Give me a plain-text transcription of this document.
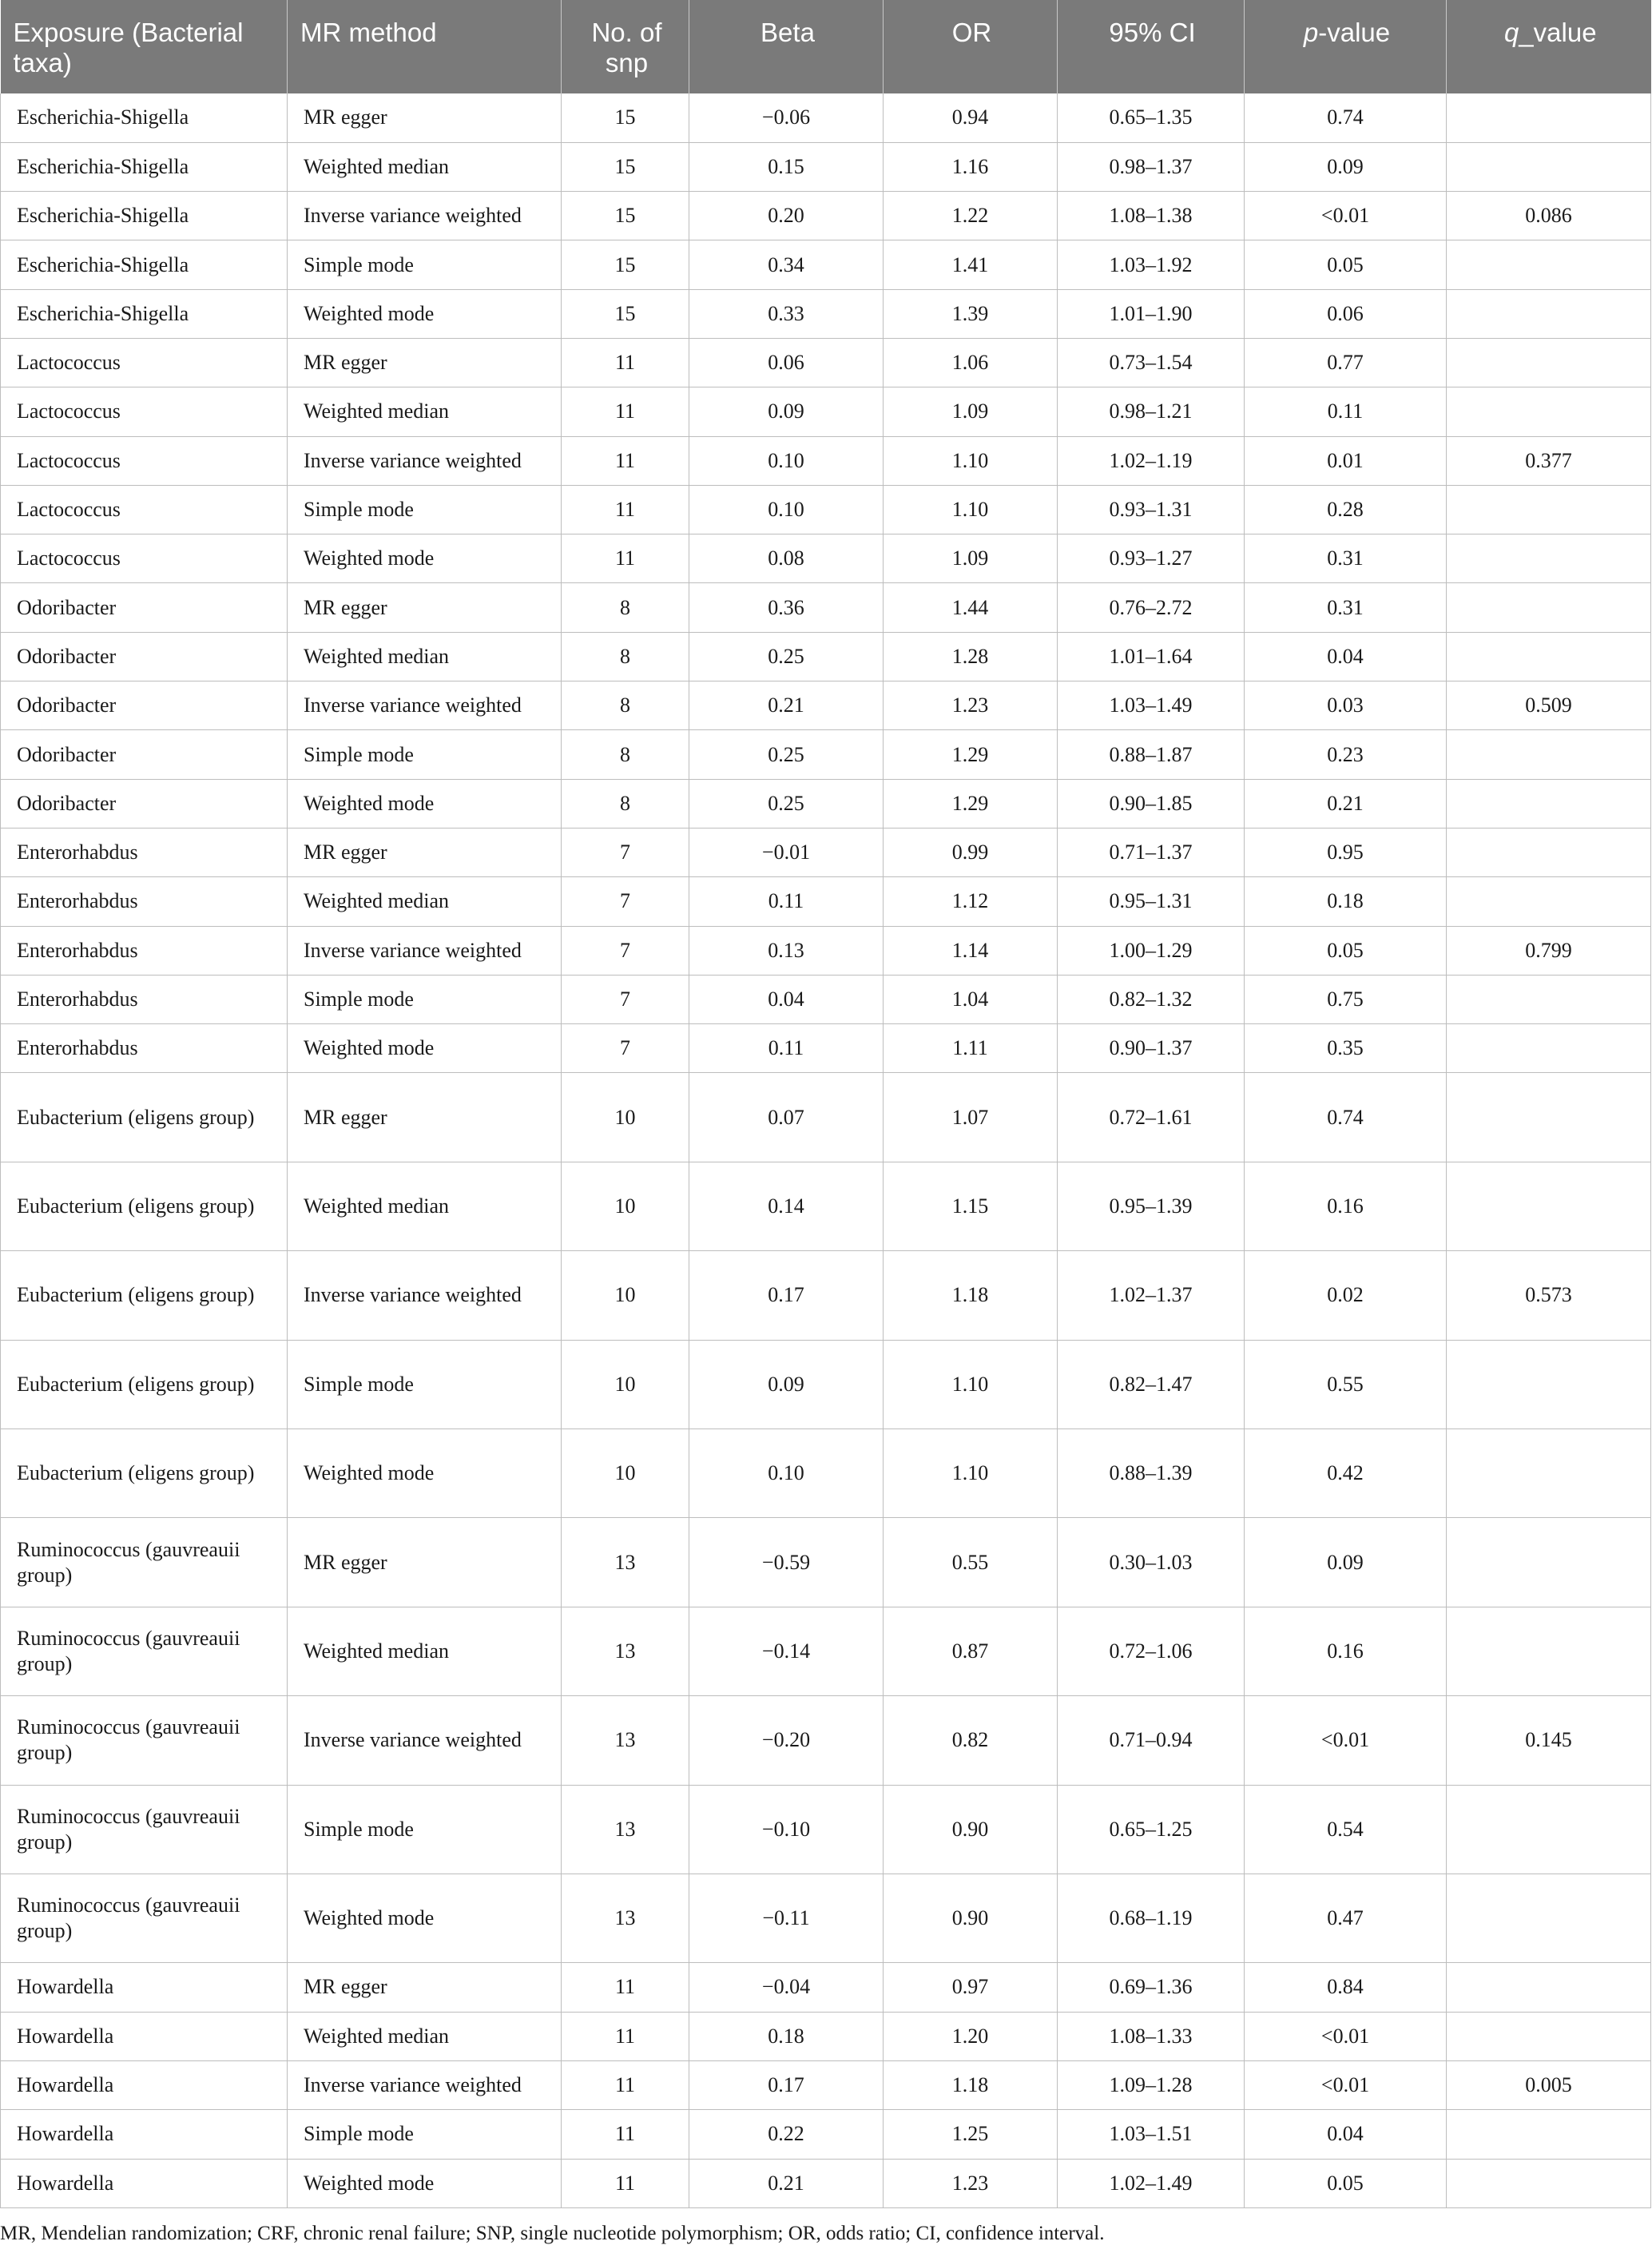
Exposure (Bacterial taxa)	MR method	No. of snp	Beta	OR	95% CI	p-value	q_value
Escherichia-Shigella	MR egger	15	−0.06	0.94	0.65–1.35	0.74	
Escherichia-Shigella	Weighted median	15	0.15	1.16	0.98–1.37	0.09	
Escherichia-Shigella	Inverse variance weighted	15	0.20	1.22	1.08–1.38	<0.01	0.086
Escherichia-Shigella	Simple mode	15	0.34	1.41	1.03–1.92	0.05	
Escherichia-Shigella	Weighted mode	15	0.33	1.39	1.01–1.90	0.06	
Lactococcus	MR egger	11	0.06	1.06	0.73–1.54	0.77	
Lactococcus	Weighted median	11	0.09	1.09	0.98–1.21	0.11	
Lactococcus	Inverse variance weighted	11	0.10	1.10	1.02–1.19	0.01	0.377
Lactococcus	Simple mode	11	0.10	1.10	0.93–1.31	0.28	
Lactococcus	Weighted mode	11	0.08	1.09	0.93–1.27	0.31	
Odoribacter	MR egger	8	0.36	1.44	0.76–2.72	0.31	
Odoribacter	Weighted median	8	0.25	1.28	1.01–1.64	0.04	
Odoribacter	Inverse variance weighted	8	0.21	1.23	1.03–1.49	0.03	0.509
Odoribacter	Simple mode	8	0.25	1.29	0.88–1.87	0.23	
Odoribacter	Weighted mode	8	0.25	1.29	0.90–1.85	0.21	
Enterorhabdus	MR egger	7	−0.01	0.99	0.71–1.37	0.95	
Enterorhabdus	Weighted median	7	0.11	1.12	0.95–1.31	0.18	
Enterorhabdus	Inverse variance weighted	7	0.13	1.14	1.00–1.29	0.05	0.799
Enterorhabdus	Simple mode	7	0.04	1.04	0.82–1.32	0.75	
Enterorhabdus	Weighted mode	7	0.11	1.11	0.90–1.37	0.35	
Eubacterium (eligens group)	MR egger	10	0.07	1.07	0.72–1.61	0.74	
Eubacterium (eligens group)	Weighted median	10	0.14	1.15	0.95–1.39	0.16	
Eubacterium (eligens group)	Inverse variance weighted	10	0.17	1.18	1.02–1.37	0.02	0.573
Eubacterium (eligens group)	Simple mode	10	0.09	1.10	0.82–1.47	0.55	
Eubacterium (eligens group)	Weighted mode	10	0.10	1.10	0.88–1.39	0.42	
Ruminococcus (gauvreauii group)	MR egger	13	−0.59	0.55	0.30–1.03	0.09	
Ruminococcus (gauvreauii group)	Weighted median	13	−0.14	0.87	0.72–1.06	0.16	
Ruminococcus (gauvreauii group)	Inverse variance weighted	13	−0.20	0.82	0.71–0.94	<0.01	0.145
Ruminococcus (gauvreauii group)	Simple mode	13	−0.10	0.90	0.65–1.25	0.54	
Ruminococcus (gauvreauii group)	Weighted mode	13	−0.11	0.90	0.68–1.19	0.47	
Howardella	MR egger	11	−0.04	0.97	0.69–1.36	0.84	
Howardella	Weighted median	11	0.18	1.20	1.08–1.33	<0.01	
Howardella	Inverse variance weighted	11	0.17	1.18	1.09–1.28	<0.01	0.005
Howardella	Simple mode	11	0.22	1.25	1.03–1.51	0.04	
Howardella	Weighted mode	11	0.21	1.23	1.02–1.49	0.05	
MR, Mendelian randomization; CRF, chronic renal failure; SNP, single nucleotide polymorphism; OR, odds ratio; CI, confidence interval.
